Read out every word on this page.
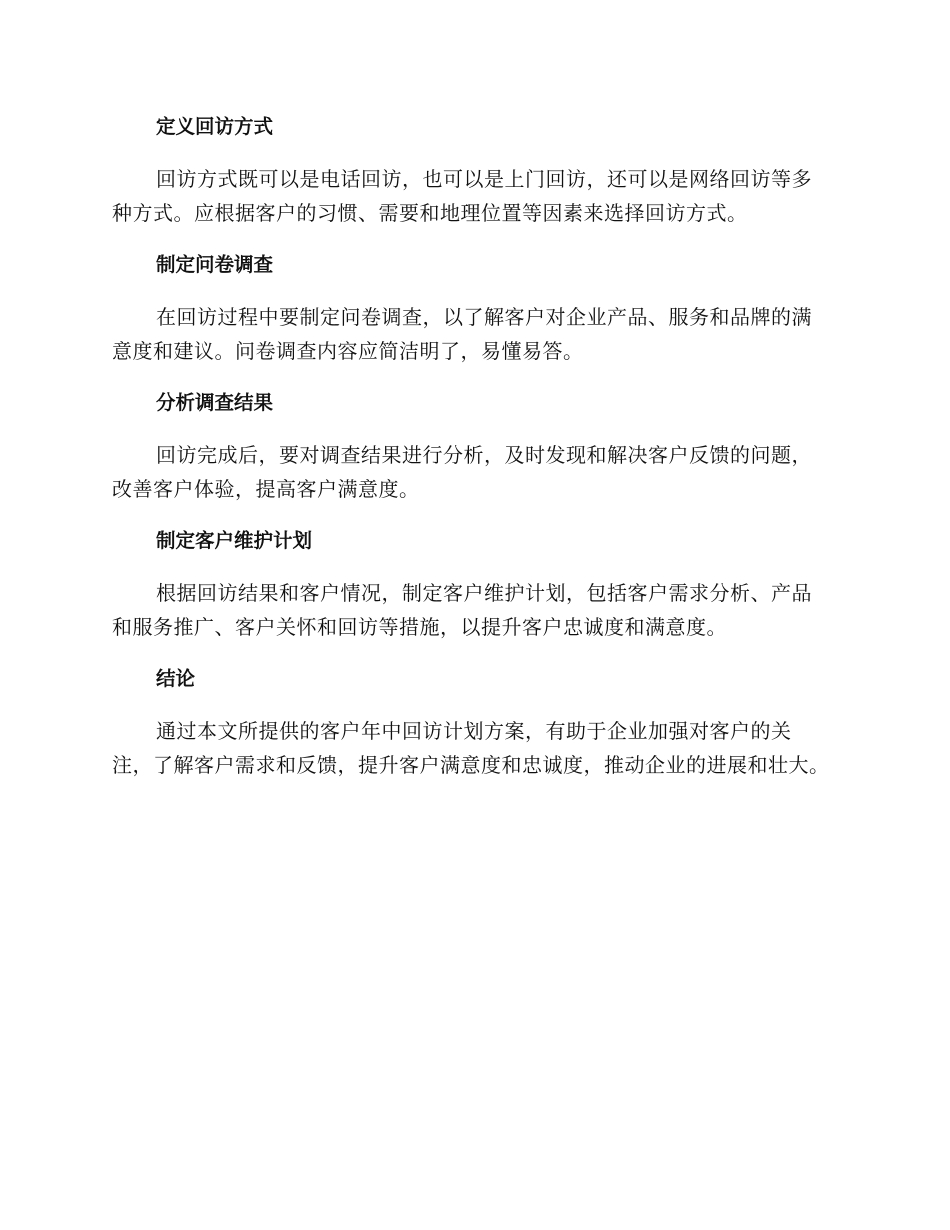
定义回访方式

回访方式既可以是电话回访，也可以是上门回访，还可以是网络回访等多种方式。应根据客户的习惯、需要和地理位置等因素来选择回访方式。

制定问卷调查

在回访过程中要制定问卷调查，以了解客户对企业产品、服务和品牌的满意度和建议。问卷调查内容应简洁明了，易懂易答。

分析调查结果

回访完成后，要对调查结果进行分析，及时发现和解决客户反馈的问题，改善客户体验，提高客户满意度。

制定客户维护计划

根据回访结果和客户情况，制定客户维护计划，包括客户需求分析、产品和服务推广、客户关怀和回访等措施，以提升客户忠诚度和满意度。

结论

通过本文所提供的客户年中回访计划方案，有助于企业加强对客户的关注，了解客户需求和反馈，提升客户满意度和忠诚度，推动企业的进展和壮大。
